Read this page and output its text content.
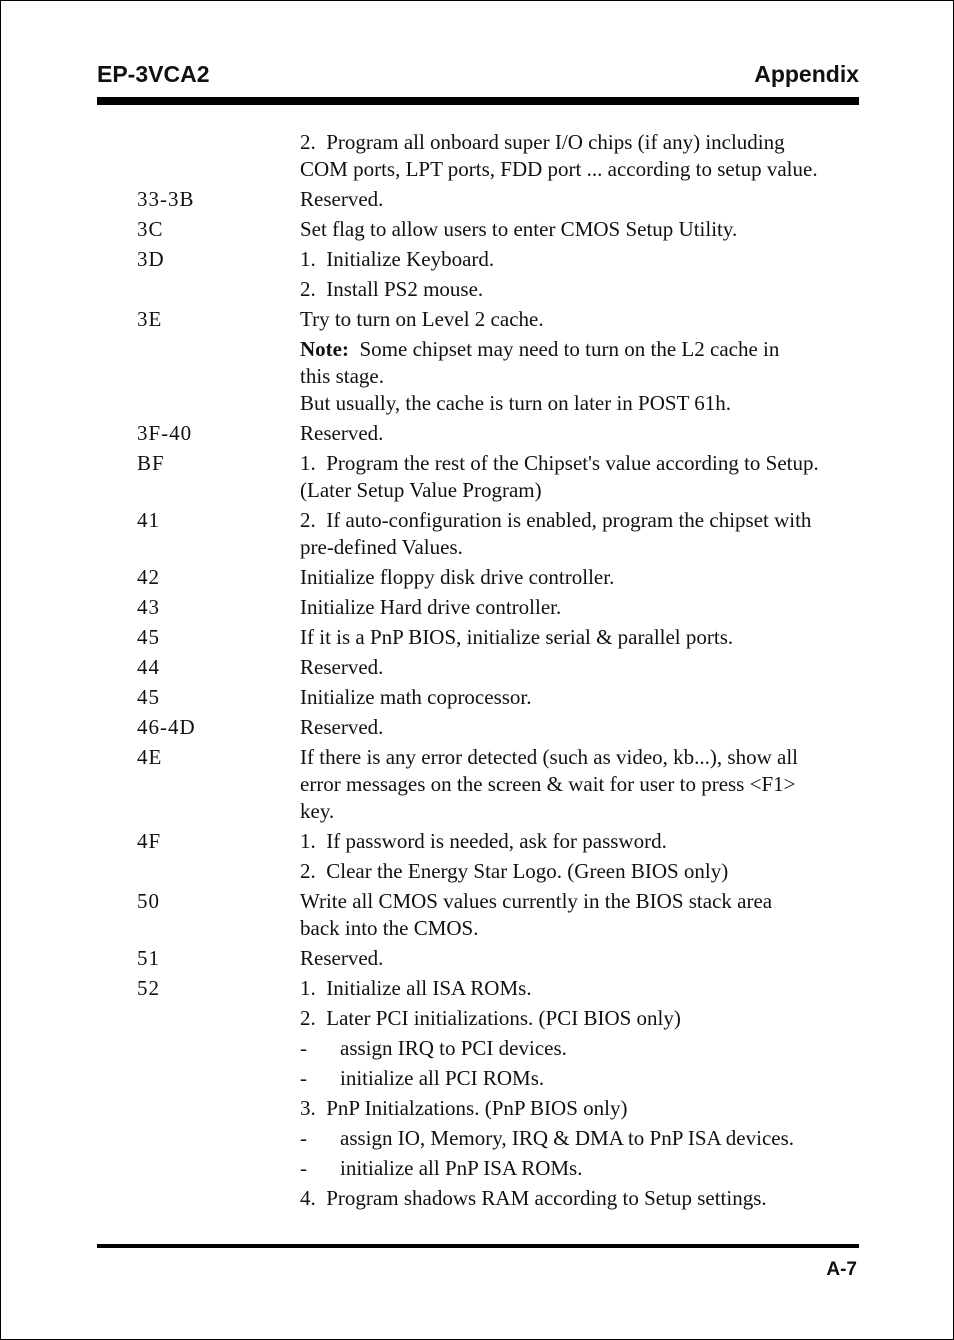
EP-3VCA2	Appendix
2.  Program all onboard super I/O chips (if any) including
COM ports, LPT ports, FDD port ... according to setup value.
33-3B	Reserved.
3C	Set flag to allow users to enter CMOS Setup Utility.
3D	1.  Initialize Keyboard.
2.  Install PS2 mouse.
3E	Try to turn on Level 2 cache.
Note:  Some chipset may need to turn on the L2 cache in
this stage.
But usually, the cache is turn on later in POST 61h.
3F-40	Reserved.
BF	1.  Program the rest of the Chipset's value according to Setup.
(Later Setup Value Program)
41	2.  If auto-configuration is enabled, program the chipset with
pre-defined Values.
42	Initialize floppy disk drive controller.
43	Initialize Hard drive controller.
45	If it is a PnP BIOS, initialize serial & parallel ports.
44	Reserved.
45	Initialize math coprocessor.
46-4D	Reserved.
4E	If there is any error detected (such as video, kb...), show all
error messages on the screen & wait for user to press <F1>
key.
4F	1.  If password is needed, ask for password.
2.  Clear the Energy Star Logo. (Green BIOS only)
50	Write all CMOS values currently in the BIOS stack area
back into the CMOS.
51	Reserved.
52	1.  Initialize all ISA ROMs.
2.  Later PCI initializations. (PCI BIOS only)
- assign IRQ to PCI devices.
- initialize all PCI ROMs.
3.  PnP Initialzations. (PnP BIOS only)
- assign IO, Memory, IRQ & DMA to PnP ISA devices.
- initialize all PnP ISA ROMs.
4.  Program shadows RAM according to Setup settings.
A-7
